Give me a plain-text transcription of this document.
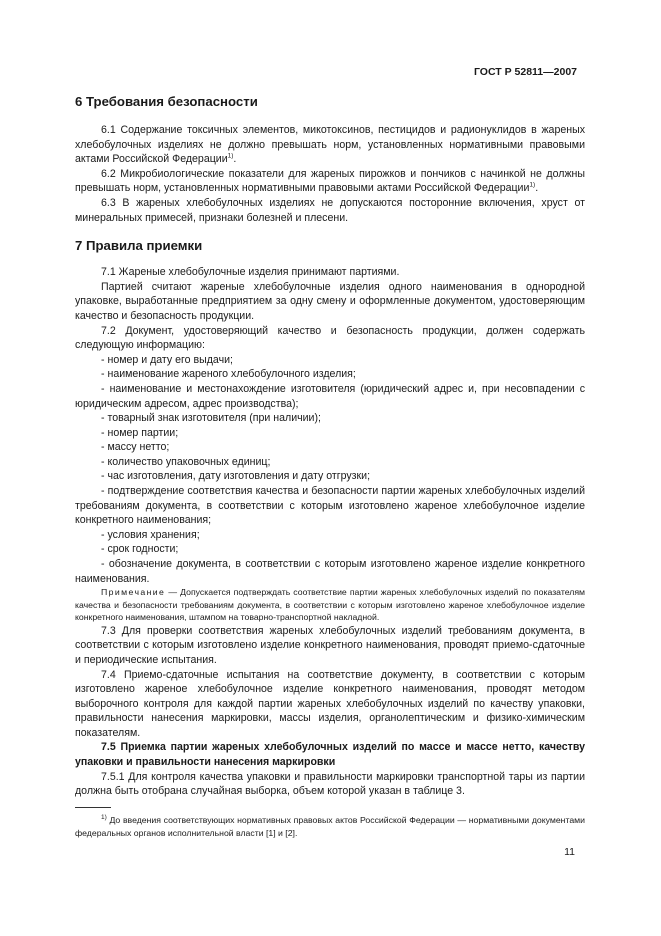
ГОСТ Р 52811—2007
6 Требования безопасности

6.1 Содержание токсичных элементов, микотоксинов, пестицидов и радионуклидов в жареных хлебобулочных изделиях не должно превышать норм, установленных нормативными правовыми актами Российской Федерации$^{1)}$.

6.2 Микробиологические показатели для жареных пирожков и пончиков с начинкой не должны превышать норм, установленных нормативными правовыми актами Российской Федерации$^{1)}$.

6.3 В жареных хлебобулочных изделиях не допускаются посторонние включения, хруст от минеральных примесей, признаки болезней и плесени.

7 Правила приемки

7.1 Жареные хлебобулочные изделия принимают партиями.

Партией считают жареные хлебобулочные изделия одного наименования в однородной упаковке, выработанные предприятием за одну смену и оформленные документом, удостоверяющим качество и безопасность продукции.

7.2 Документ, удостоверяющий качество и безопасность продукции, должен содержать следующую информацию:

- номер и дату его выдачи;

- наименование жареного хлебобулочного изделия;

- наименование и местонахождение изготовителя (юридический адрес и, при несовпадении с юридическим адресом, адрес производства);

- товарный знак изготовителя (при наличии);

- номер партии;

- массу нетто;

- количество упаковочных единиц;

- час изготовления, дату изготовления и дату отгрузки;

- подтверждение соответствия качества и безопасности партии жареных хлебобулочных изделий требованиям документа, в соответствии с которым изготовлено жареное хлебобулочное изделие конкретного наименования;

- условия хранения;

- срок годности;

- обозначение документа, в соответствии с которым изготовлено жареное изделие конкретного наименования.

Примечание — Допускается подтверждать соответствие партии жареных хлебобулочных изделий по показателям качества и безопасности требованиям документа, в соответствии с которым изготовлено жареное хлебобулочное изделие конкретного наименования, штампом на товарно-транспортной накладной.

7.3 Для проверки соответствия жареных хлебобулочных изделий требованиям документа, в соответствии с которым изготовлено изделие конкретного наименования, проводят приемо-сдаточные и периодические испытания.

7.4 Приемо-сдаточные испытания на соответствие документу, в соответствии с которым изготовлено жареное хлебобулочное изделие конкретного наименования, проводят методом выборочного контроля для каждой партии жареных хлебобулочных изделий по качеству упаковки, правильности нанесения маркировки, массы изделия, органолептическим и физико-химическим показателям.

7.5 Приемка партии жареных хлебобулочных изделий по массе и массе нетто, качеству упаковки и правильности нанесения маркировки

7.5.1 Для контроля качества упаковки и правильности маркировки транспортной тары из партии должна быть отобрана случайная выборка, объем которой указан в таблице 3.

$^{1)}$ До введения соответствующих нормативных правовых актов Российской Федерации — нормативными документами федеральных органов исполнительной власти [1] и [2].
11
